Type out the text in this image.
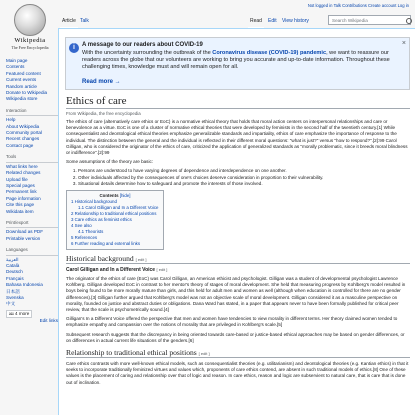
Wikipedia
The Free Encyclopedia
Main page
Contents
Featured content
Current events
Random article
Donate to Wikipedia
Wikipedia store
Interaction
Help
About Wikipedia
Community portal
Recent changes
Contact page
Tools
What links here
Related changes
Upload file
Special pages
Permanent link
Page information
Cite this page
Wikidata item
Print/export
Download as PDF
Printable version
Languages
العربية
Català
Deutsch
Français
Bahasa Indonesia
日本語
Svenska
中文
⅏ 4 more
Edit links
Not logged in Talk Contributions Create account Log in
Article Talk	Read	Edit	View history	Search Wikipedia
i	A message to our readers about COVID-19
With the uncertainty surrounding the outbreak of the Coronavirus disease (COVID-19) pandemic, we want to reassure our readers across the globe that our volunteers are working to bring you accurate and up-to-date information. Throughout these challenging times, knowledge must and will remain open for all.
Read more →
×
Ethics of care
From Wikipedia, the free encyclopedia

The ethics of care (alternatively care ethics or EoC) is a normative ethical theory that holds that moral action centers on interpersonal relationships and care or benevolence as a virtue. EoC is one of a cluster of normative ethical theories that were developed by feminists in the second half of the twentieth century.[1] While consequentialist and deontological ethical theories emphasize generalizable standards and impartiality, ethics of care emphasize the importance of response to the individual. The distinction between the general and the individual is reflected in their different moral questions: "what is just?" versus "how to respond?".[2]:99 Carol Gilligan, who is considered the originator of the ethics of care, criticized the application of generalized standards as "morally problematic, since it breeds moral blindness or indifference".[2]:99

Some assumptions of the theory are basic:

1. Persons are understood to have varying degrees of dependence and interdependence on one another.
2. Other individuals affected by the consequences of one's choices deserve consideration in proportion to their vulnerability.
3. Situational details determine how to safeguard and promote the interests of those involved.
Contents [hide]
1 Historical background
1.1 Carol Gilligan and In a Different Voice
2 Relationship to traditional ethical positions
3 Care ethics as feminist ethics
4 See also
4.1 Theorists
5 References
6 Further reading and external links
Historical background [ edit ]
Carol Gilligan and In a Different Voice [ edit ]

The originator of the ethics of care (EoC) was Carol Gilligan, an American ethicist and psychologist. Gilligan was a student of developmental psychologist Lawrence Kohlberg. Gilligan developed EoC in contrast to her mentor's theory of stages of moral development. She held that measuring progress by Kohlberg's model resulted in boys being found to be more morally mature than girls, and this held for adult men and women as well (although when education is controlled for there are no gender differences).[3] Gilligan further argued that Kohlberg's model was not an objective scale of moral development. Gilligan considered it as a masculine perspective on morality, founded on justice and abstract duties or obligations. Dana Ward has stated, in a paper that appears never to have been formally published for critical peer review, that the scale is psychometrically sound.[4]

Gilligan's In a Different Voice offered the perspective that men and women have tendencies to view morality in different terms. Her theory claimed women tended to emphasize empathy and compassion over the notions of morality that are privileged in Kohlberg's scale.[5]

Subsequent research suggests that the discrepancy in being oriented towards care-based or justice-based ethical approaches may be based on gender differences, or on differences in actual current life situations of the genders.[6]

Relationship to traditional ethical positions [ edit ]

Care ethics contrasts with more well-known ethical models, such as consequentialist theories (e.g. utilitarianism) and deontological theories (e.g. Kantian ethics) in that it seeks to incorporate traditionally feminized virtues and values which, proponents of care ethics contend, are absent in such traditional models of ethics.[8] One of these values is the placement of caring and relationship over that of logic and reason. In care ethics, reason and logic are subservient to natural care, that is care that is done out of inclination.
